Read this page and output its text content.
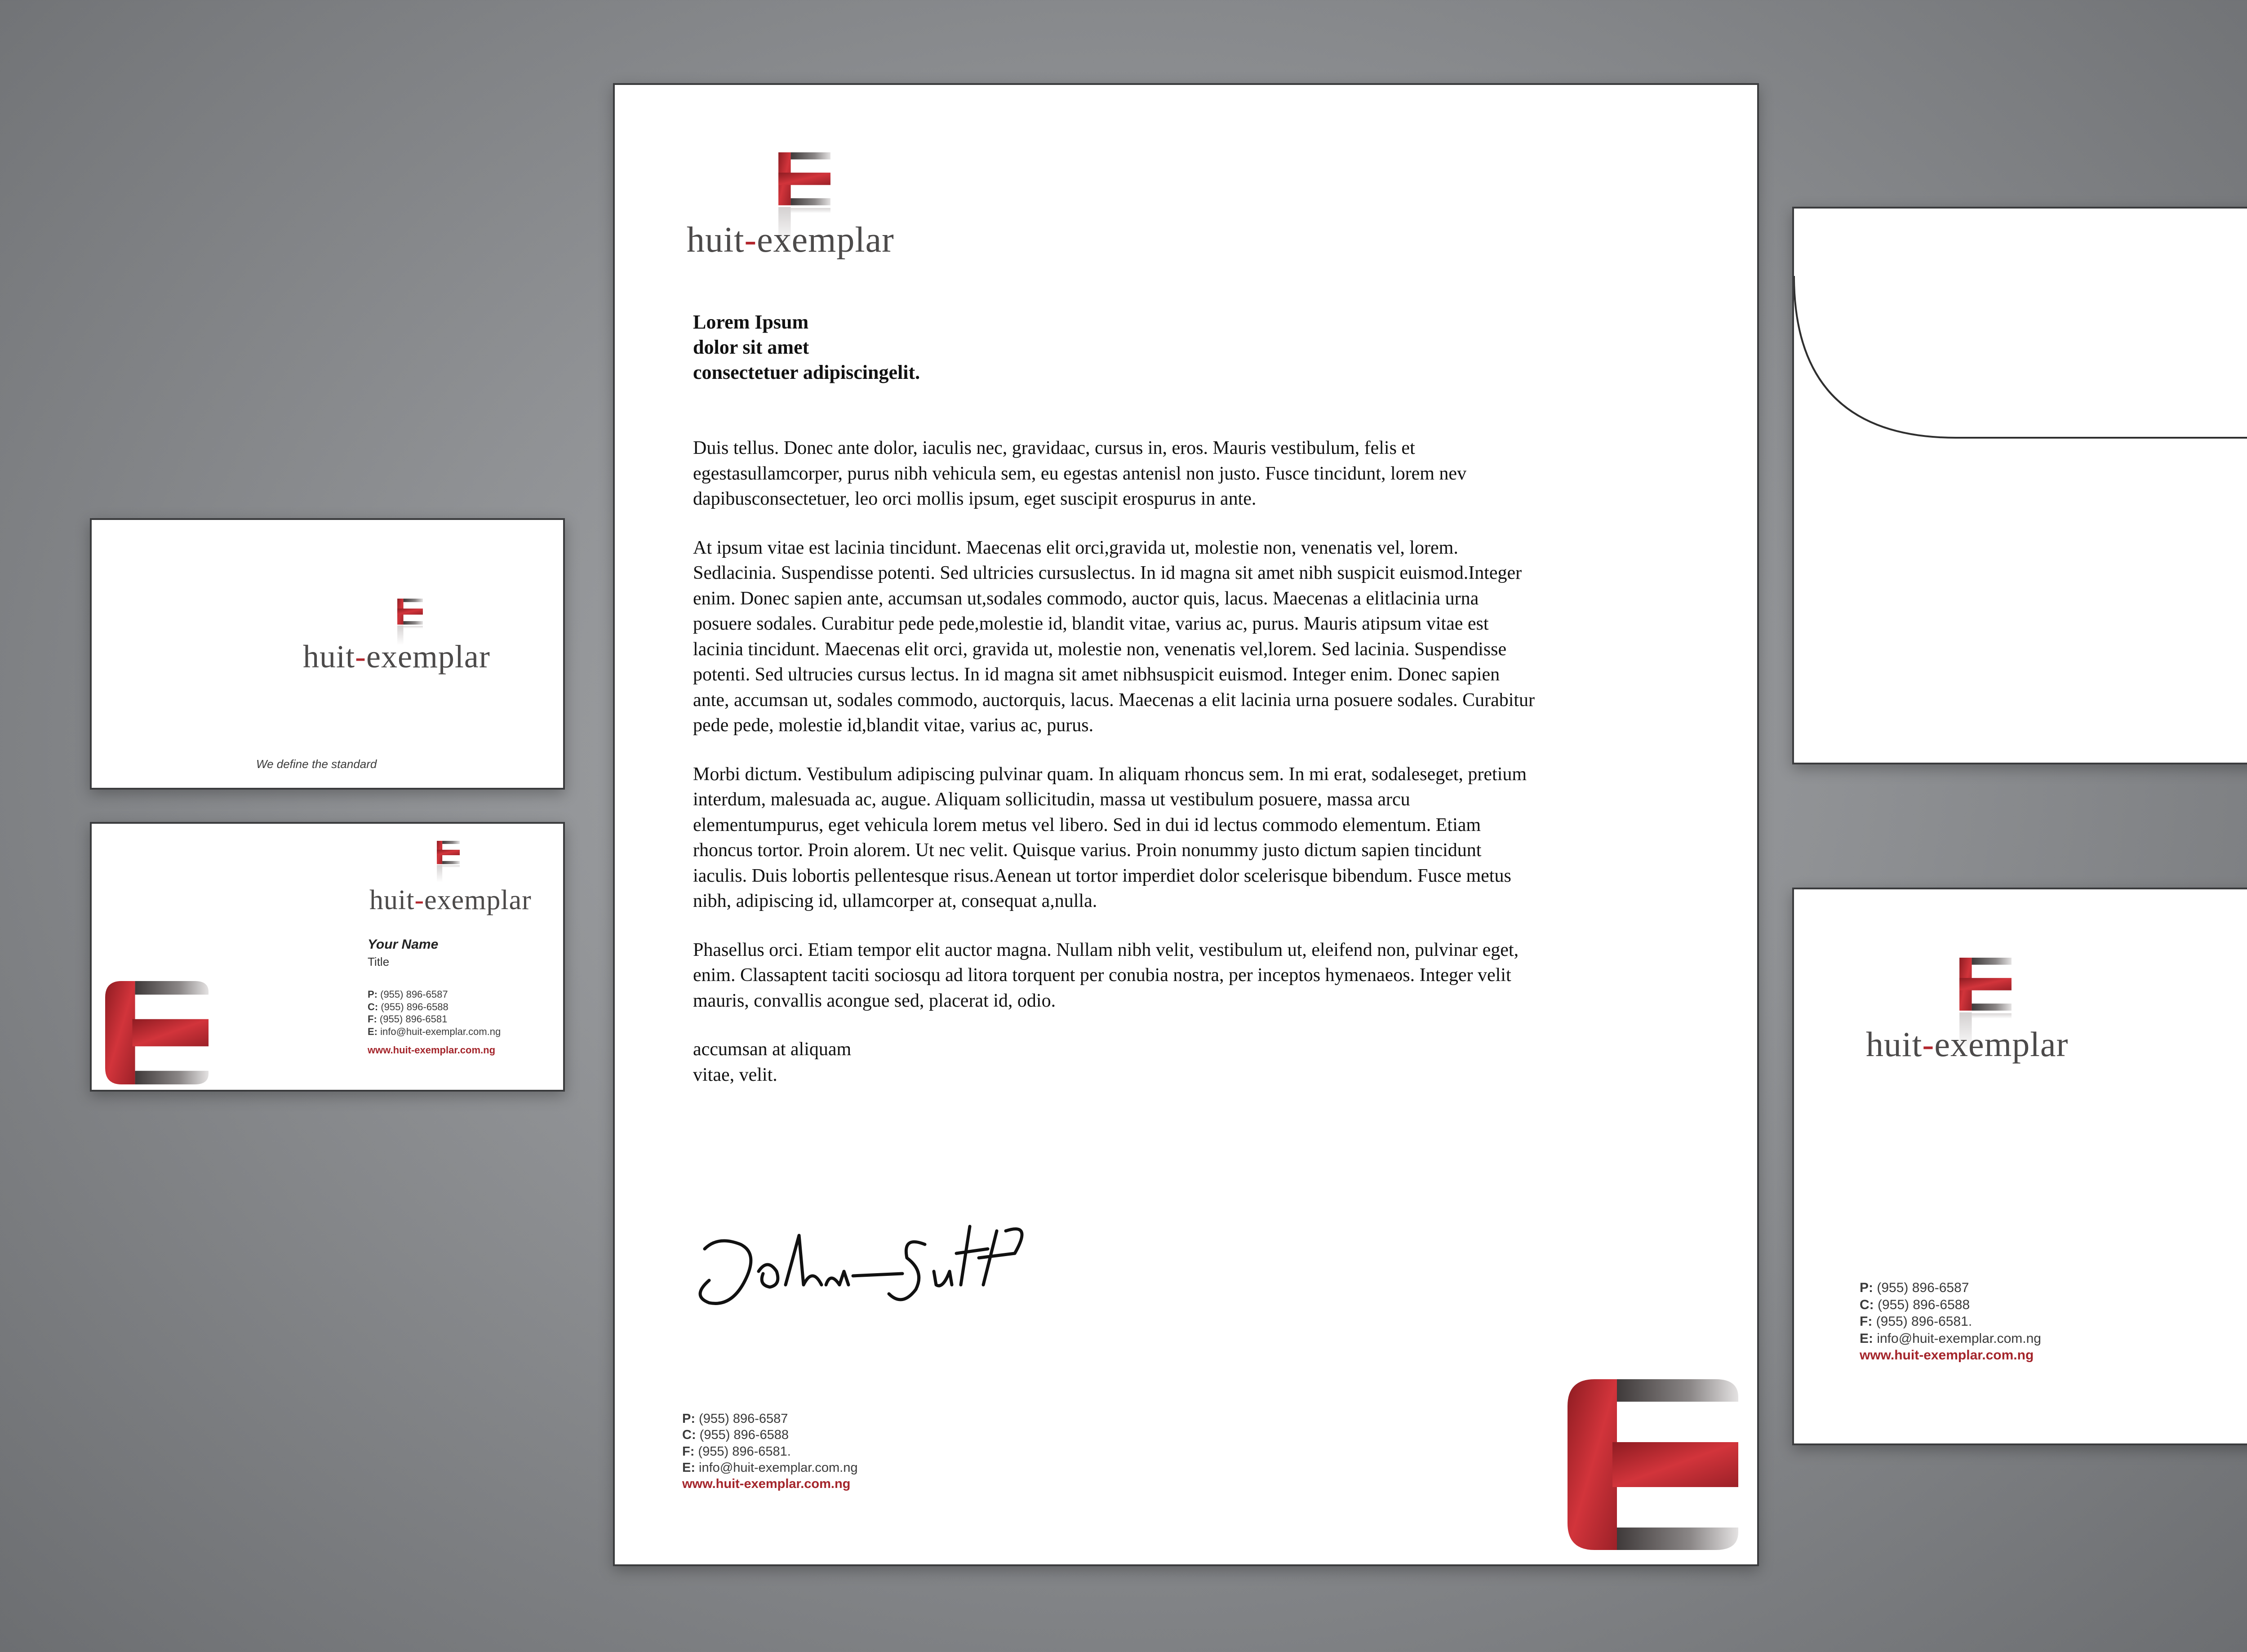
huit-exemplar
We define the standard
huit-exemplar
Your Name
Title
P: (955) 896-6587
C: (955) 896-6588
F: (955) 896-6581
E: info@huit-exemplar.com.ng
www.huit-exemplar.com.ng
huit-exemplar
Lorem Ipsum
dolor sit amet
consectetuer adipiscingelit.

Duis tellus. Donec ante dolor, iaculis nec, gravidaac, cursus in, eros. Mauris vestibulum, felis et egestasullamcorper, purus nibh vehicula sem, eu egestas antenisl non justo. Fusce tincidunt, lorem nev dapibusconsectetuer, leo orci mollis ipsum, eget suscipit erospurus in ante.

At ipsum vitae est lacinia tincidunt. Maecenas elit orci,gravida ut, molestie non, venenatis vel, lorem. Sedlacinia. Suspendisse potenti. Sed ultricies cursuslectus. In id magna sit amet nibh suspicit euismod.Integer enim. Donec sapien ante, accumsan ut,sodales commodo, auctor quis, lacus. Maecenas a elitlacinia urna posuere sodales. Curabitur pede pede,molestie id, blandit vitae, varius ac, purus. Mauris atipsum vitae est lacinia tincidunt. Maecenas elit orci, gravida ut, molestie non, venenatis vel,lorem. Sed lacinia. Suspendisse potenti. Sed ultrucies cursus lectus. In id magna sit amet nibhsuspicit euismod. Integer enim. Donec sapien ante, accumsan ut, sodales commodo, auctorquis, lacus. Maecenas a elit lacinia urna posuere sodales. Curabitur pede pede, molestie id,blandit vitae, varius ac, purus.

Morbi dictum. Vestibulum adipiscing pulvinar quam. In aliquam rhoncus sem. In mi erat, sodaleseget, pretium interdum, malesuada ac, augue. Aliquam sollicitudin, massa ut vestibulum posuere, massa arcu elementumpurus, eget vehicula lorem metus vel libero. Sed in dui id lectus commodo elementum. Etiam rhoncus tortor. Proin alorem. Ut nec velit. Quisque varius. Proin nonummy justo dictum sapien tincidunt iaculis. Duis lobortis pellentesque risus.Aenean ut tortor imperdiet dolor scelerisque bibendum. Fusce metus nibh, adipiscing id, ullamcorper at, consequat a,nulla.

Phasellus orci. Etiam tempor elit auctor magna. Nullam nibh velit, vestibulum ut, eleifend non, pulvinar eget, enim. Classaptent taciti sociosqu ad litora torquent per conubia nostra, per inceptos hymenaeos. Integer velit mauris, convallis acongue sed, placerat id, odio.

accumsan at aliquam
vitae, velit.
P: (955) 896-6587
C: (955) 896-6588
F: (955) 896-6581.
E: info@huit-exemplar.com.ng
www.huit-exemplar.com.ng
huit-exemplar
P: (955) 896-6587
C: (955) 896-6588
F: (955) 896-6581.
E: info@huit-exemplar.com.ng
www.huit-exemplar.com.ng
